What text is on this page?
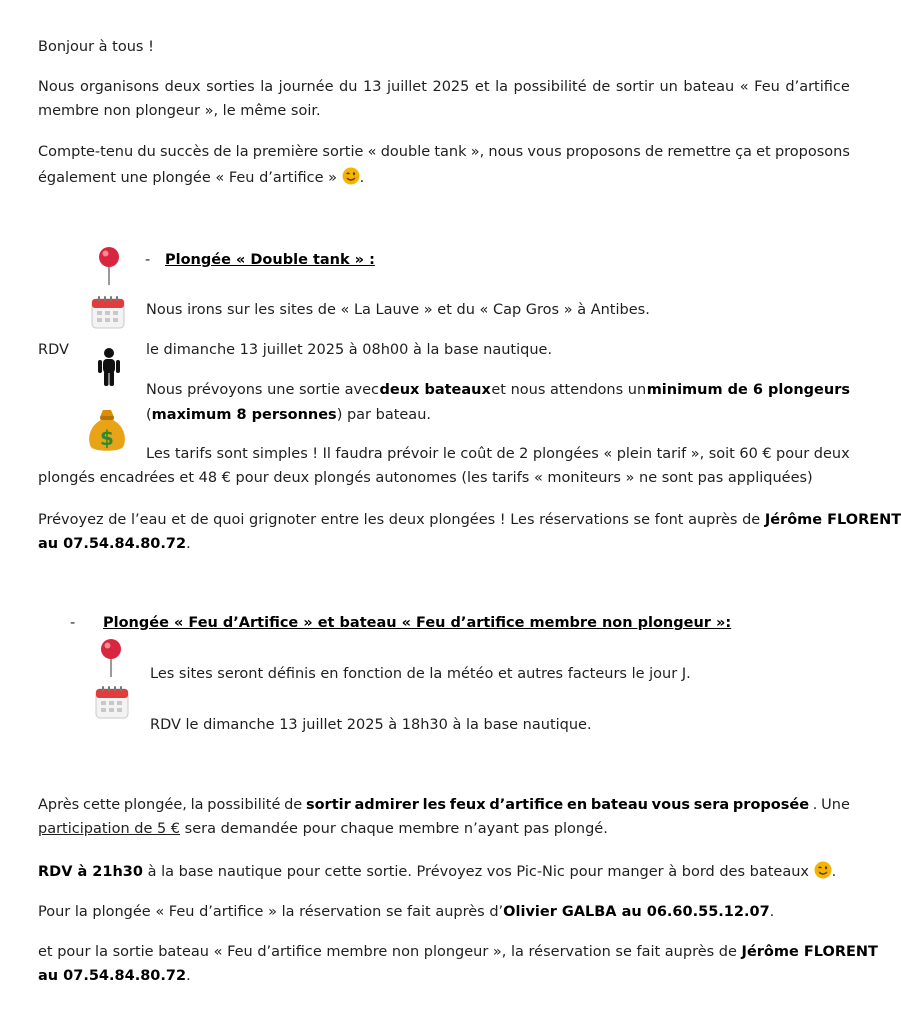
Bonjour à tous !
Nous organisons deux sorties la journée du 13 juillet 2025 et la possibilité de sortir un bateau « Feu d’artifice
membre non plongeur », le même soir.
Compte-tenu du succès de la première sortie « double tank », nous vous proposons de remettre ça et proposons
également une plongée « Feu d’artifice » .
- Plongée « Double tank » :
Nous irons sur les sites de « La Lauve » et du « Cap Gros » à Antibes.
RDV	le dimanche 13 juillet 2025 à 08h00 à la base nautique.
Nous prévoyons une sortie avec deux bateaux et nous attendons un minimum de 6 plongeurs
(maximum 8 personnes) par bateau.
$
Les tarifs sont simples ! Il faudra prévoir le coût de 2 plongées « plein tarif », soit 60 € pour deux
plongés encadrées et 48 € pour deux plongés autonomes (les tarifs « moniteurs » ne sont pas appliquées)
Prévoyez de l’eau et de quoi grignoter entre les deux plongées ! Les réservations se font auprès de Jérôme FLORENT
au 07.54.84.80.72.
- Plongée « Feu d’Artifice » et bateau « Feu d’artifice membre non plongeur »:
Les sites seront définis en fonction de la météo et autres facteurs le jour J.
RDV le dimanche 13 juillet 2025 à 18h30 à la base nautique.
Après cette plongée, la possibilité de sortir admirer les feux d’artifice en bateau vous sera proposée . Une
participation de 5 € sera demandée pour chaque membre n’ayant pas plongé.
RDV à 21h30 à la base nautique pour cette sortie. Prévoyez vos Pic-Nic pour manger à bord des bateaux .
Pour la plongée « Feu d’artifice » la réservation se fait auprès d’Olivier GALBA au 06.60.55.12.07.
et pour la sortie bateau « Feu d’artifice membre non plongeur », la réservation se fait auprès de Jérôme FLORENT
au 07.54.84.80.72.
